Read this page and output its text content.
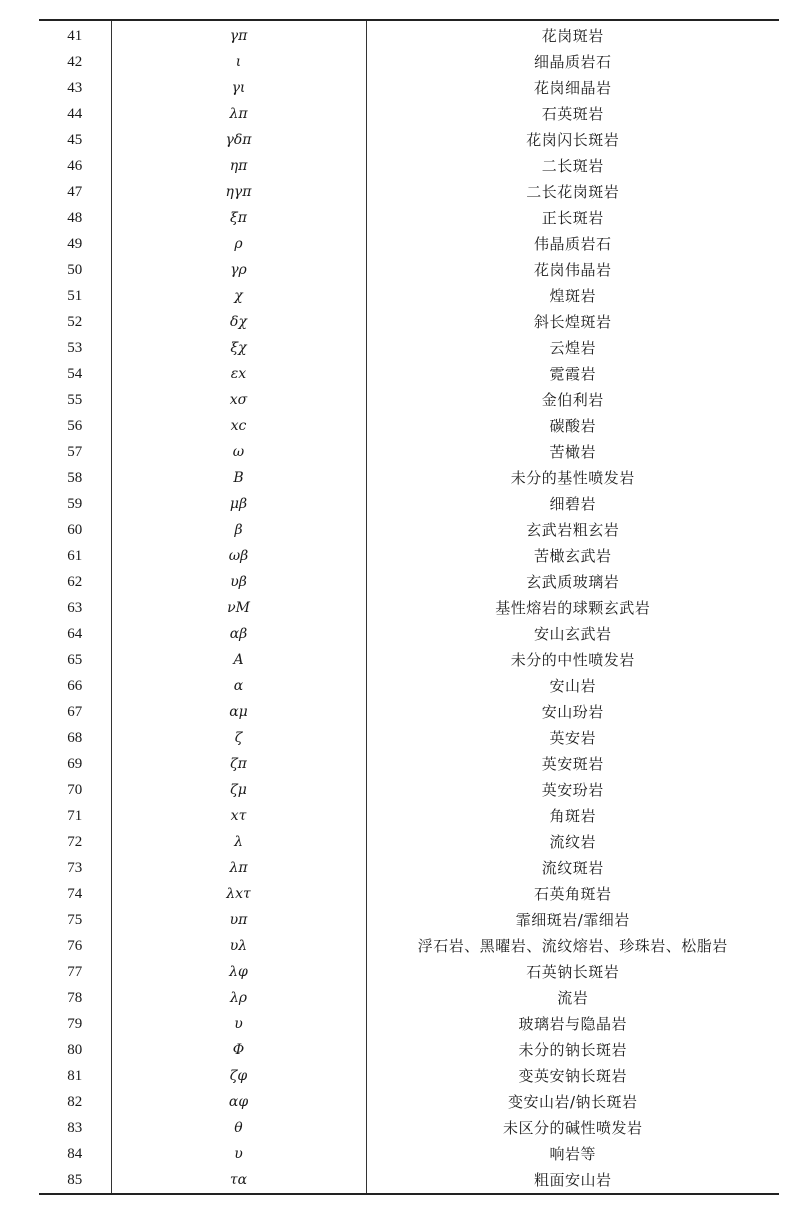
41	γπ	花岗斑岩
42	ι	细晶质岩石
43	γι	花岗细晶岩
44	λπ	石英斑岩
45	γδπ	花岗闪长斑岩
46	ηπ	二长斑岩
47	ηγπ	二长花岗斑岩
48	ξπ	正长斑岩
49	ρ	伟晶质岩石
50	γρ	花岗伟晶岩
51	χ	煌斑岩
52	δχ	斜长煌斑岩
53	ξχ	云煌岩
54	εx	霓霞岩
55	xσ	金伯利岩
56	xc	碳酸岩
57	ω	苦橄岩
58	B	未分的基性喷发岩
59	μβ	细碧岩
60	β	玄武岩粗玄岩
61	ωβ	苦橄玄武岩
62	υβ	玄武质玻璃岩
63	νM	基性熔岩的球颗玄武岩
64	αβ	安山玄武岩
65	A	未分的中性喷发岩
66	α	安山岩
67	αμ	安山玢岩
68	ζ	英安岩
69	ζπ	英安斑岩
70	ζμ	英安玢岩
71	xτ	角斑岩
72	λ	流纹岩
73	λπ	流纹斑岩
74	λxτ	石英角斑岩
75	υπ	霏细斑岩/霏细岩
76	υλ	浮石岩、黑曜岩、流纹熔岩、珍珠岩、松脂岩
77	λφ	石英钠长斑岩
78	λρ	流岩
79	υ	玻璃岩与隐晶岩
80	Φ	未分的钠长斑岩
81	ζφ	变英安钠长斑岩
82	αφ	变安山岩/钠长斑岩
83	θ	未区分的碱性喷发岩
84	υ	响岩等
85	τα	粗面安山岩
